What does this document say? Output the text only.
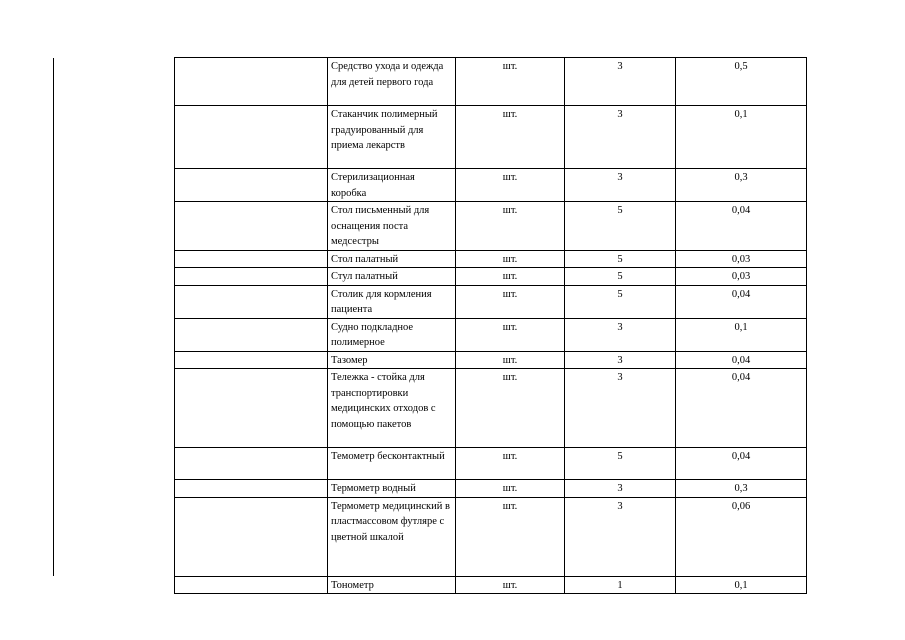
	Средство ухода и одежда для детей первого года	шт.	3	0,5
	Стаканчик полимерный градуированный для приема лекарств	шт.	3	0,1
	Стерилизационная коробка	шт.	3	0,3
	Стол письменный для оснащения поста медсестры	шт.	5	0,04
	Стол палатный	шт.	5	0,03
	Стул палатный	шт.	5	0,03
	Столик для кормления пациента	шт.	5	0,04
	Судно подкладное полимерное	шт.	3	0,1
	Тазомер	шт.	3	0,04
	Тележка - стойка для транспортировки медицинских отходов с помощью пакетов	шт.	3	0,04
	Темометр бесконтактный	шт.	5	0,04
	Термометр водный	шт.	3	0,3
	Термометр медицинский в пластмассовом футляре с цветной шкалой	шт.	3	0,06
	Тонометр	шт.	1	0,1
